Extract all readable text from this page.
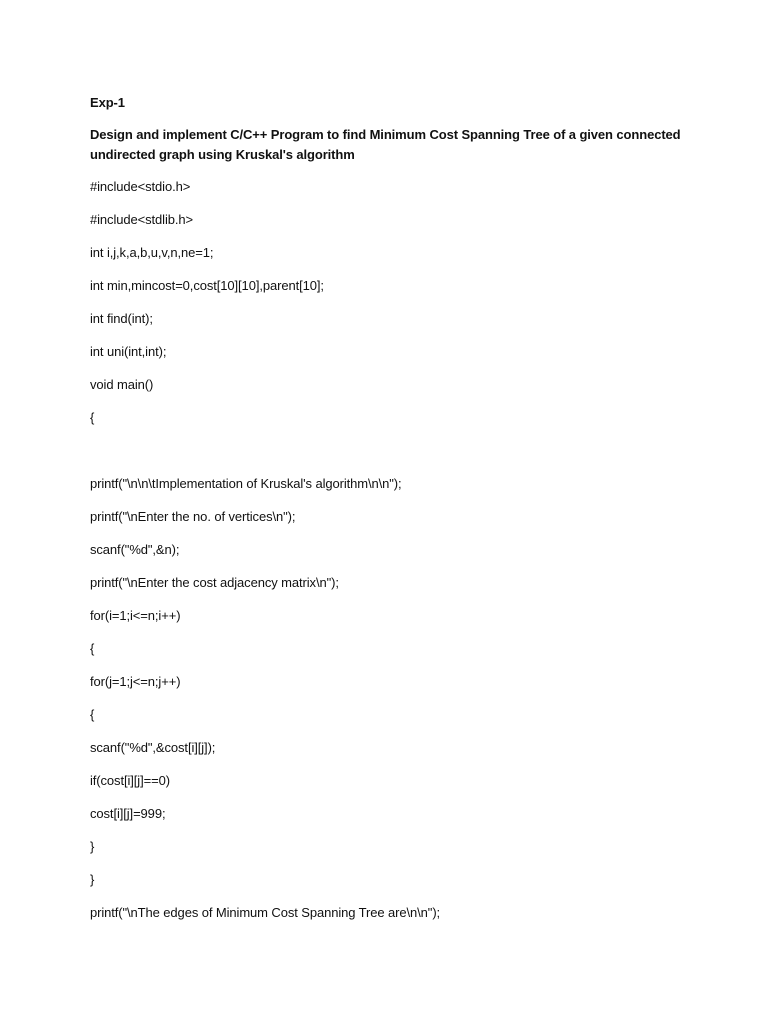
Exp-1
Design and implement C/C++ Program to find Minimum Cost Spanning Tree of a given connected
undirected graph using Kruskal's algorithm
#include<stdio.h>
#include<stdlib.h>
int i,j,k,a,b,u,v,n,ne=1;
int min,mincost=0,cost[10][10],parent[10];
int find(int);
int uni(int,int);
void main()
{
printf("\n\n\tImplementation of Kruskal's algorithm\n\n");
printf("\nEnter the no. of vertices\n");
scanf("%d",&n);
printf("\nEnter the cost adjacency matrix\n");
for(i=1;i<=n;i++)
{
for(j=1;j<=n;j++)
{
scanf("%d",&cost[i][j]);
if(cost[i][j]==0)
cost[i][j]=999;
}
}
printf("\nThe edges of Minimum Cost Spanning Tree are\n\n");
